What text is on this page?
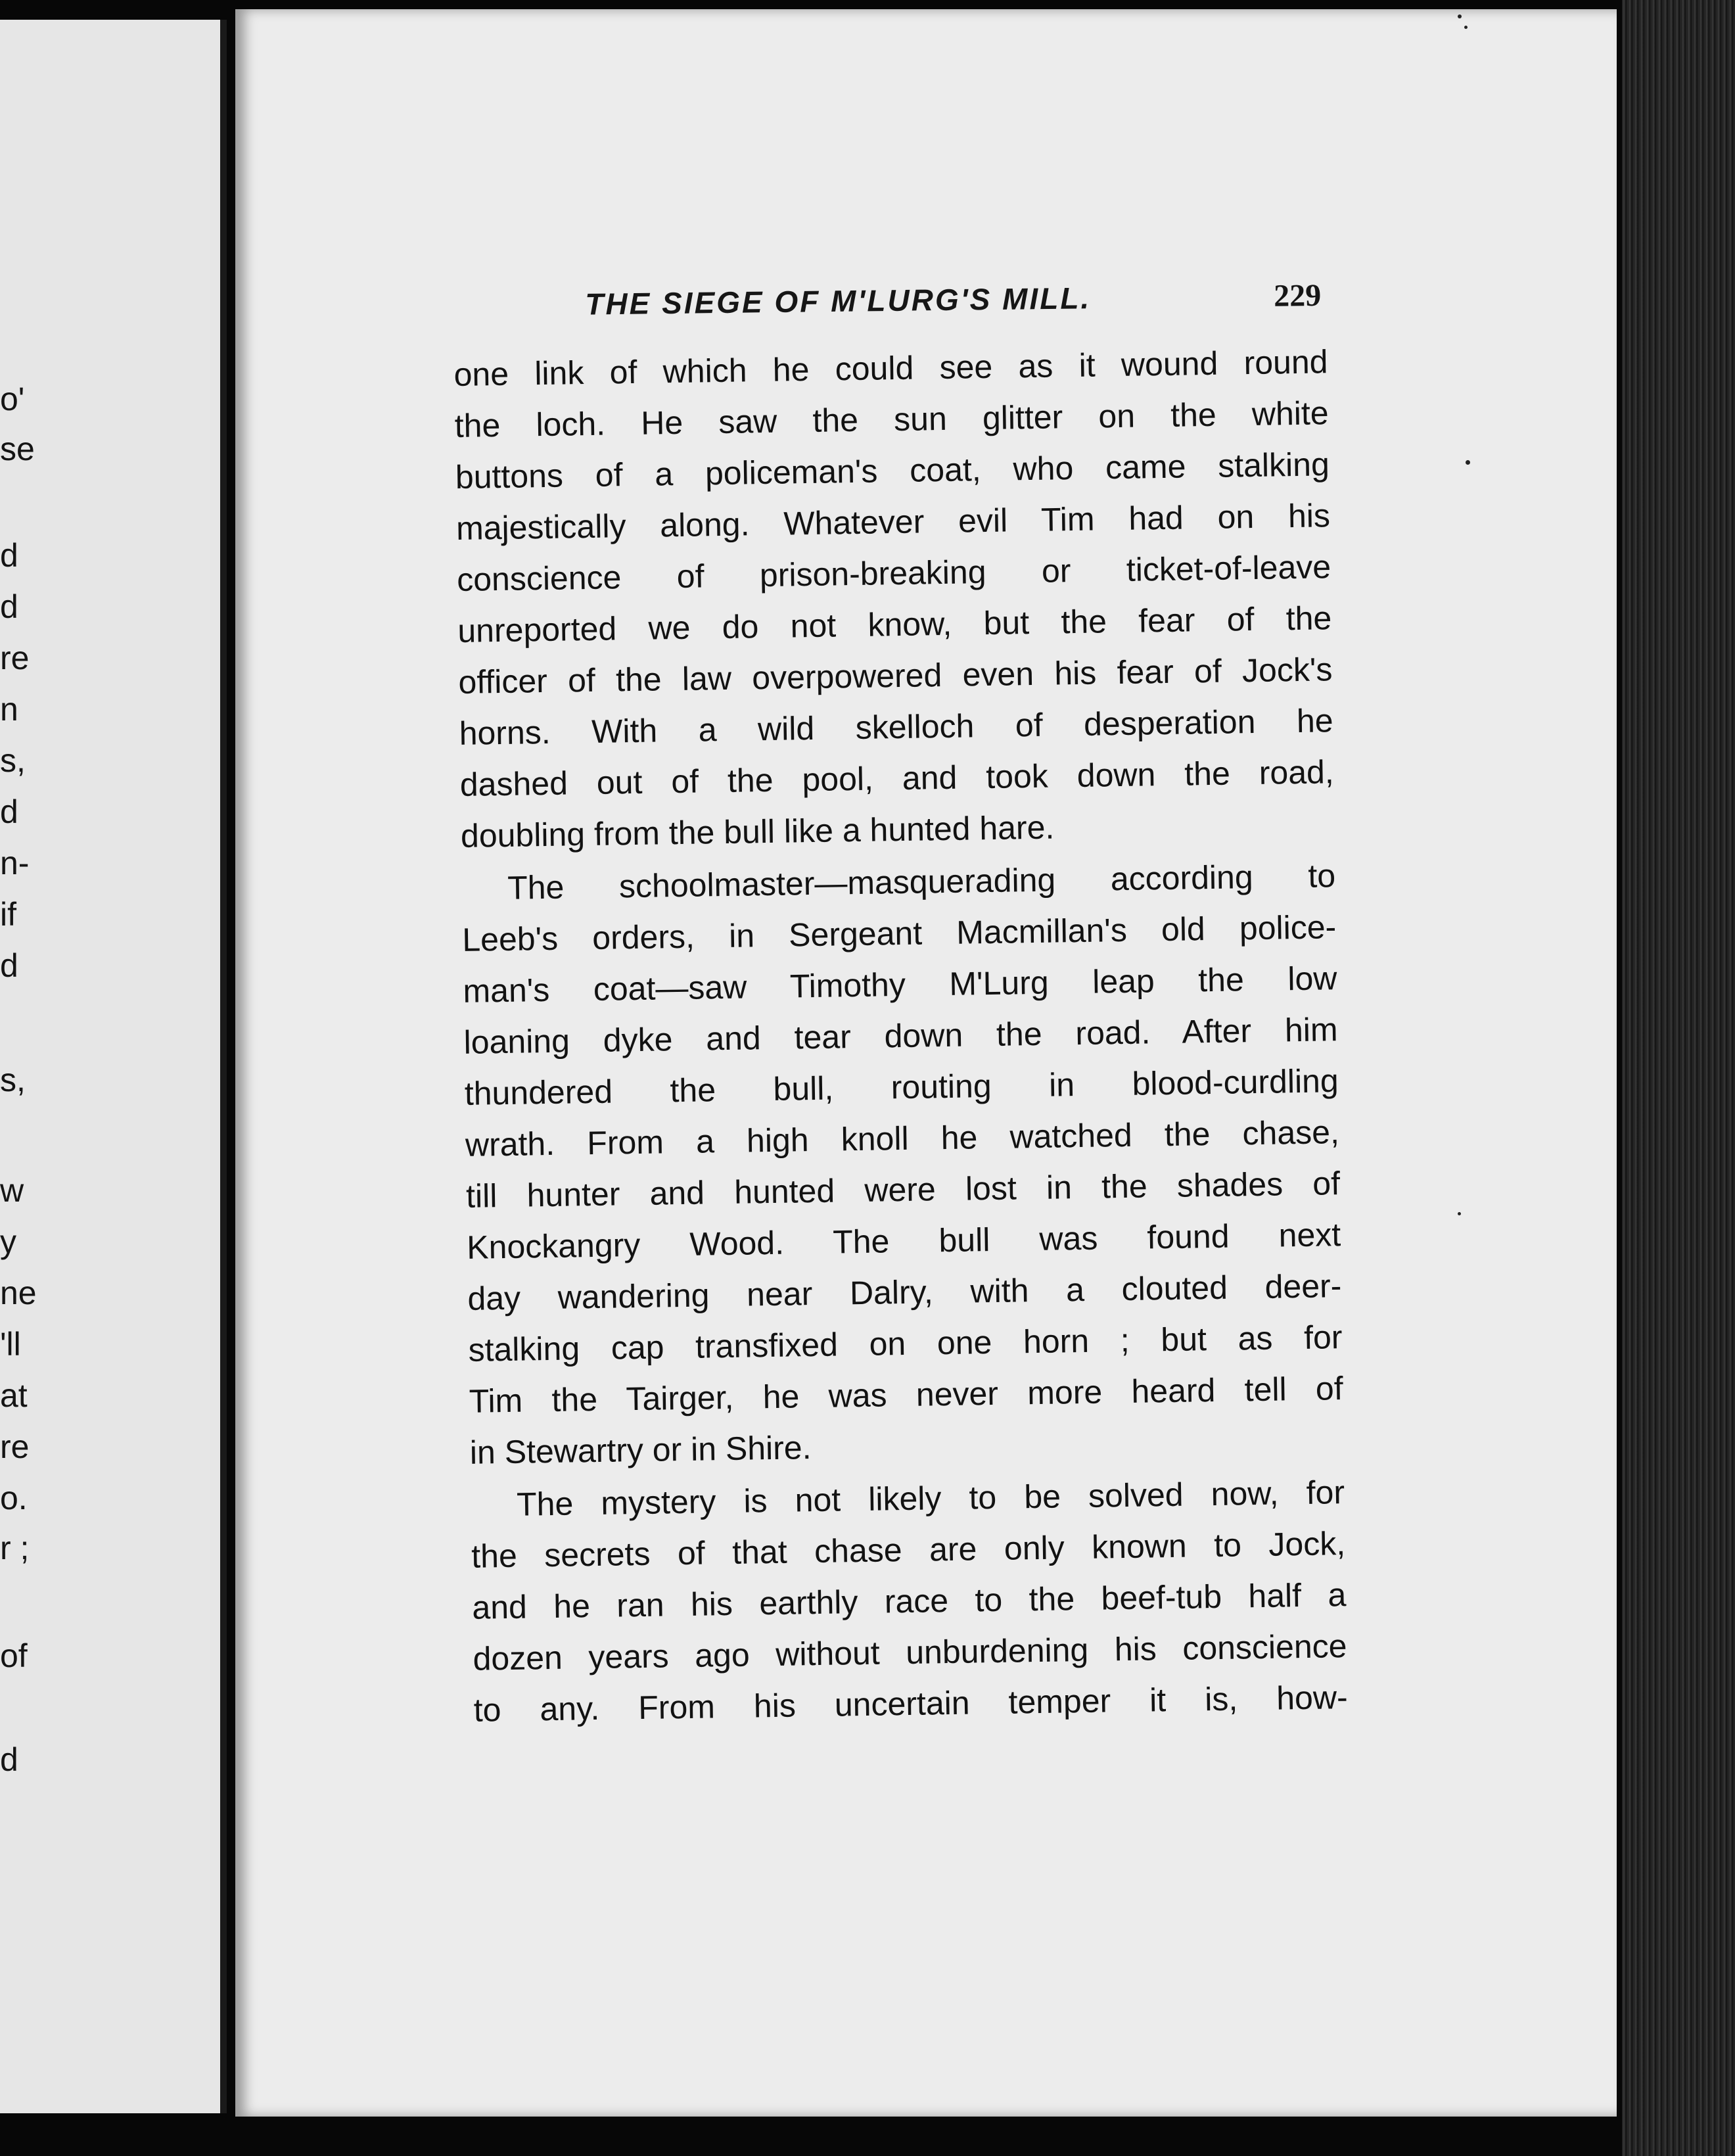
o'
se
d
d
re
n
s,
d
n-
if
d
s,
w
y
ne
'll
at
re
o.
r ;
of
d
THE SIEGE OF M'LURG'S MILL.	229
one link of which he could see as it wound round
the loch. He saw the sun glitter on the white
buttons of a policeman's coat, who came stalking
majestically along. Whatever evil Tim had on his
conscience of prison-breaking or ticket-of-leave
unreported we do not know, but the fear of the
officer of the law overpowered even his fear of Jock's
horns. With a wild skelloch of desperation he
dashed out of the pool, and took down the road,
doubling from the bull like a hunted hare.
The schoolmaster—masquerading according to
Leeb's orders, in Sergeant Macmillan's old police-
man's coat—saw Timothy M'Lurg leap the low
loaning dyke and tear down the road. After him
thundered the bull, routing in blood-curdling
wrath. From a high knoll he watched the chase,
till hunter and hunted were lost in the shades of
Knockangry Wood. The bull was found next
day wandering near Dalry, with a clouted deer-
stalking cap transfixed on one horn ; but as for
Tim the Tairger, he was never more heard tell of
in Stewartry or in Shire.
The mystery is not likely to be solved now, for
the secrets of that chase are only known to Jock,
and he ran his earthly race to the beef-tub half a
dozen years ago without unburdening his conscience
to any. From his uncertain temper it is, how-
